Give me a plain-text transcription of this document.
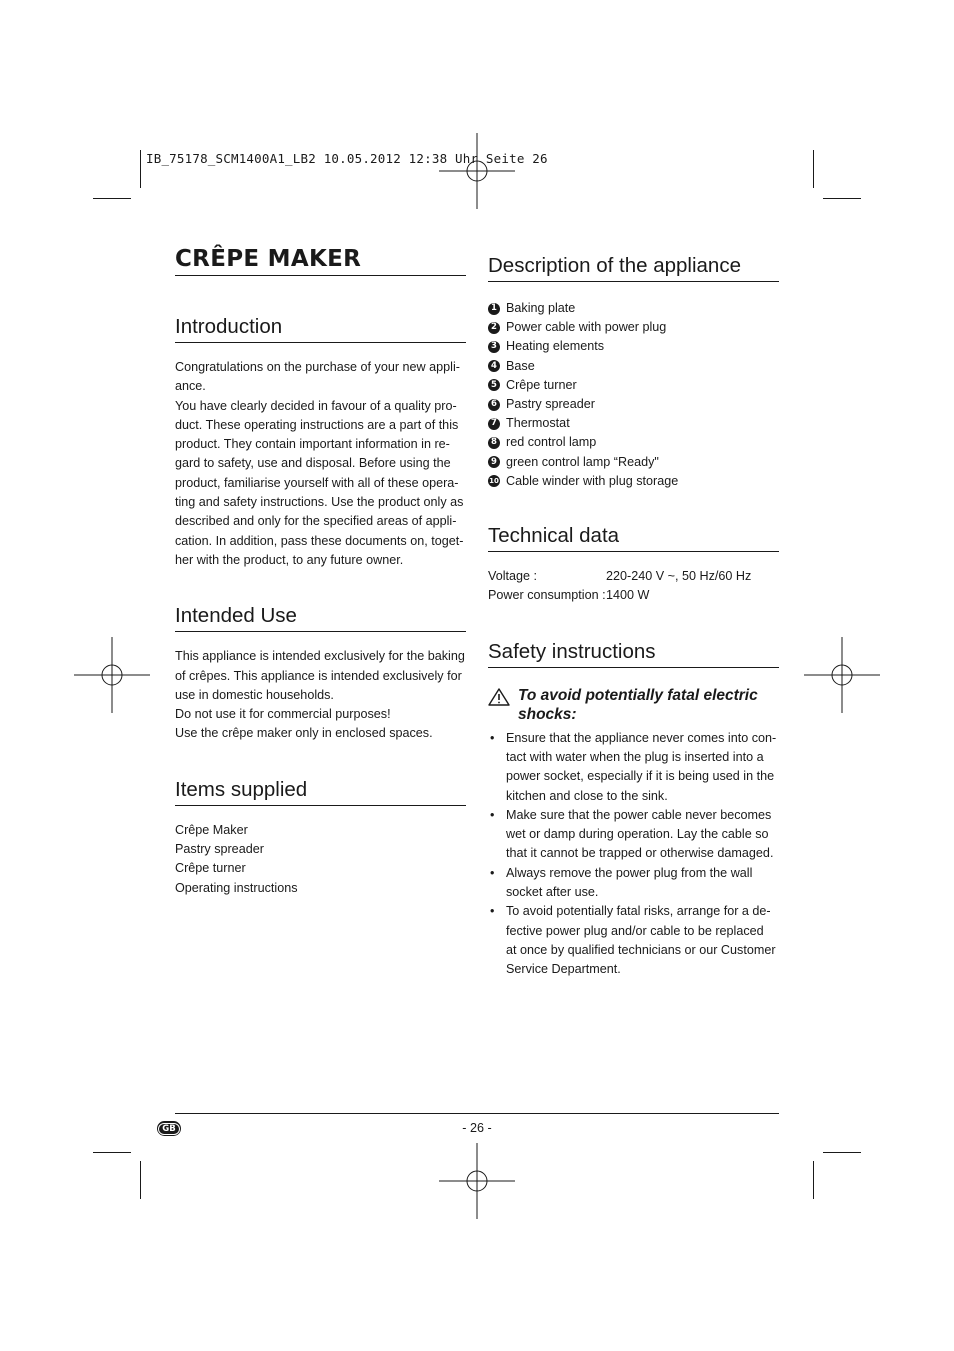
IB_75178_SCM1400A1_LB2 10.05.2012 12:38 Uhr Seite 26
CRÊPE MAKER
Introduction
Congratulations on the purchase of your new appli-
ance.
You have clearly decided in favour of a quality pro-
duct. These operating instructions are a part of this
product. They contain important information in re-
gard to safety, use and disposal. Before using the
product, familiarise yourself with all of these opera-
ting and safety instructions. Use the product only as
described and only for the specified areas of appli-
cation. In addition, pass these documents on, toget-
her with the product, to any future owner.
Intended Use
This appliance is intended exclusively for the baking
of crêpes. This appliance is intended exclusively for
use in domestic households.
Do not use it for commercial purposes!
Use the crêpe maker only in enclosed spaces.
Items supplied
Crêpe Maker
Pastry spreader
Crêpe turner
Operating instructions
Description of the appliance
1 Baking plate
2 Power cable with power plug
3 Heating elements
4 Base
5 Crêpe turner
6 Pastry spreader
7 Thermostat
8 red control lamp
9 green control lamp “Ready"
10 Cable winder with plug storage
Technical data
Voltage :	220-240 V ~, 50 Hz/60 Hz
Power consumption :	1400 W
Safety instructions
To avoid potentially fatal electric
shocks:
• Ensure that the appliance never comes into con-
tact with water when the plug is inserted into a
power socket, especially if it is being used in the
kitchen and close to the sink.
• Make sure that the power cable never becomes
wet or damp during operation. Lay the cable so
that it cannot be trapped or otherwise damaged.
• Always remove the power plug from the wall
socket after use.
• To avoid potentially fatal risks, arrange for a de-
fective power plug and/or cable to be replaced
at once by qualified technicians or our Customer
Service Department.
GB	- 26 -
